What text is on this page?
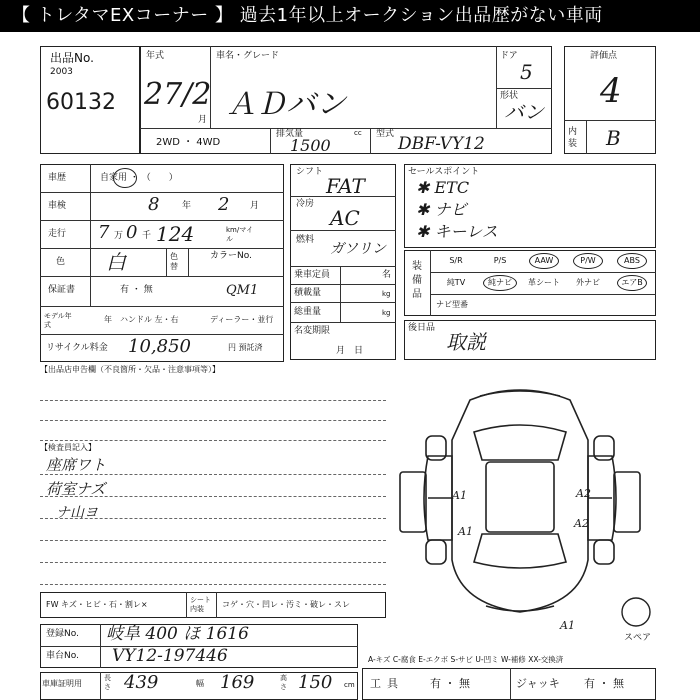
【 トレタマEXコーナー 】 過去1年以上オークション出品歴がない車両
出品No.
2003
60132
年式
27/2
月
車名・グレード
ＡＤバン
ドア
5
形状
バン
2WD ・ 4WD
排気量	cc
1500
型式 DBF-VY12
評価点
4
内装 B
車歴	自家用 ・ （　　）
車検	8	年 2 月
走行 7 万 0 千 124	km/マイル
色 白	色替
カラーNo.
保証書	有 ・ 無	QM1
モデル年式
年 ハンドル 左・右	ディーラー・並行
リサイクル料金 10,850	円 預託済
シフト
FAT
冷房
AC
燃料
ガソリン
乗車定員	名
積載量	kg
総重量	kg
名変期限
月　日
セールスポイント
✱ ETC
✱ ナビ
✱ キーレス
装備品
S/R	P/S	AAW	P/W	ABS
純TV	純ナビ	革シート	外ナビ	エアB
ナビ型番
後日品
取説
【出品店申告欄（不良箇所・欠品・注意事項等）】
【検査員記入】
座席ワト
荷室ナズ
ナ山ヨ
FW キズ・ヒビ・石・割レ×	シート内装	コゲ・穴・凹レ・汚ミ・破レ・スレ
登録No. 岐阜 400 ほ 1616
車台No. VY12-197446
車庫証明用
長さ 439	幅 169	高さ 150 cm
A1
A1
A2
A2
A1
スペア
A-キズ C-腐食 E-エクボ S-サビ U-凹ミ W-補修 XX-交換済
工具 有 ・ 無	ジャッキ 有 ・ 無
